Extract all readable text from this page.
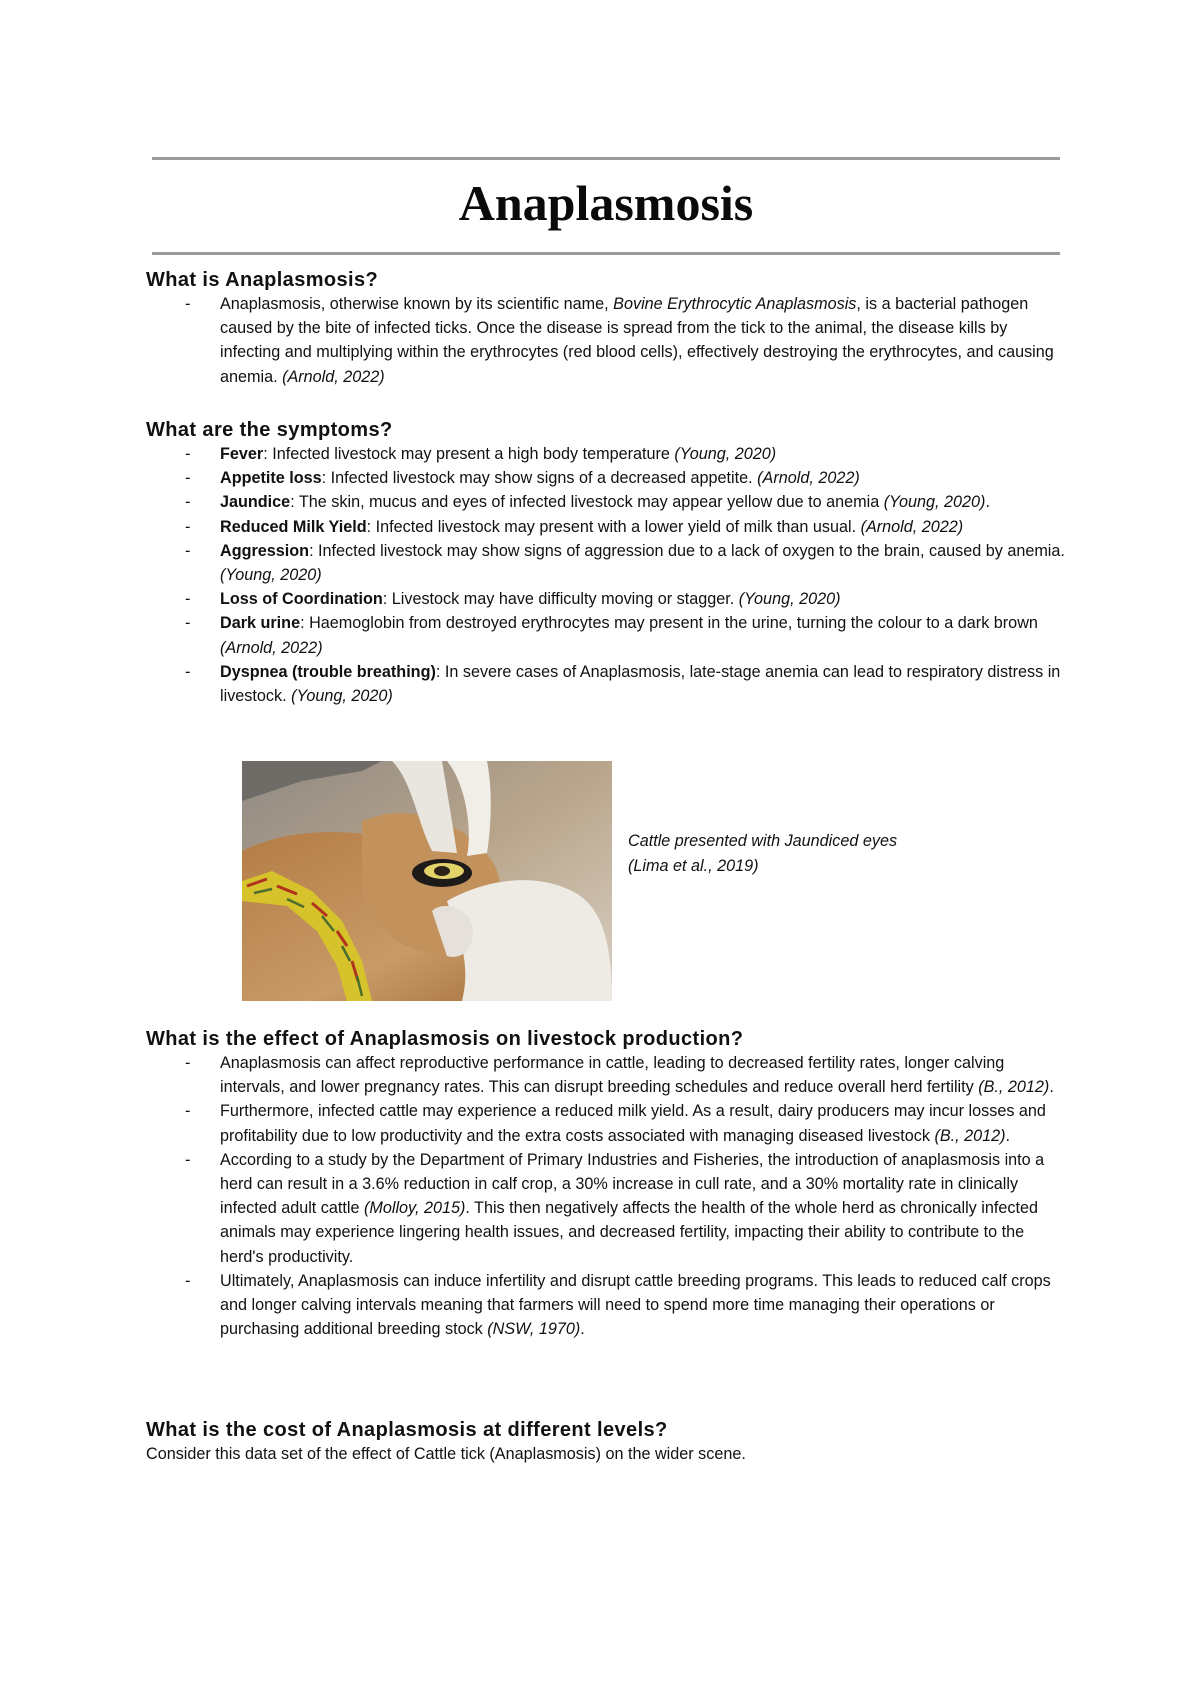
Anaplasmosis
What is Anaplasmosis?
- Anaplasmosis, otherwise known by its scientific name, Bovine Erythrocytic Anaplasmosis, is a bacterial pathogen caused by the bite of infected ticks. Once the disease is spread from the tick to the animal, the disease kills by infecting and multiplying within the erythrocytes (red blood cells), effectively destroying the erythrocytes, and causing anemia. (Arnold, 2022)
What are the symptoms?
- Fever: Infected livestock may present a high body temperature (Young, 2020)
- Appetite loss: Infected livestock may show signs of a decreased appetite. (Arnold, 2022)
- Jaundice: The skin, mucus and eyes of infected livestock may appear yellow due to anemia (Young, 2020).
- Reduced Milk Yield: Infected livestock may present with a lower yield of milk than usual. (Arnold, 2022)
- Aggression: Infected livestock may show signs of aggression due to a lack of oxygen to the brain, caused by anemia. (Young, 2020)
- Loss of Coordination: Livestock may have difficulty moving or stagger. (Young, 2020)
- Dark urine: Haemoglobin from destroyed erythrocytes may present in the urine, turning the colour to a dark brown (Arnold, 2022)
- Dyspnea (trouble breathing): In severe cases of Anaplasmosis, late-stage anemia can lead to respiratory distress in livestock. (Young, 2020)
Cattle presented with Jaundiced eyes
(Lima et al., 2019)
What is the effect of Anaplasmosis on livestock production?
- Anaplasmosis can affect reproductive performance in cattle, leading to decreased fertility rates, longer calving intervals, and lower pregnancy rates. This can disrupt breeding schedules and reduce overall herd fertility (B., 2012).
- Furthermore, infected cattle may experience a reduced milk yield. As a result, dairy producers may incur losses and profitability due to low productivity and the extra costs associated with managing diseased livestock (B., 2012).
- According to a study by the Department of Primary Industries and Fisheries, the introduction of anaplasmosis into a herd can result in a 3.6% reduction in calf crop, a 30% increase in cull rate, and a 30% mortality rate in clinically infected adult cattle (Molloy, 2015). This then negatively affects the health of the whole herd as chronically infected animals may experience lingering health issues, and decreased fertility, impacting their ability to contribute to the herd's productivity.
- Ultimately, Anaplasmosis can induce infertility and disrupt cattle breeding programs. This leads to reduced calf crops and longer calving intervals meaning that farmers will need to spend more time managing their operations or purchasing additional breeding stock (NSW, 1970).
What is the cost of Anaplasmosis at different levels?

Consider this data set of the effect of Cattle tick (Anaplasmosis) on the wider scene.
